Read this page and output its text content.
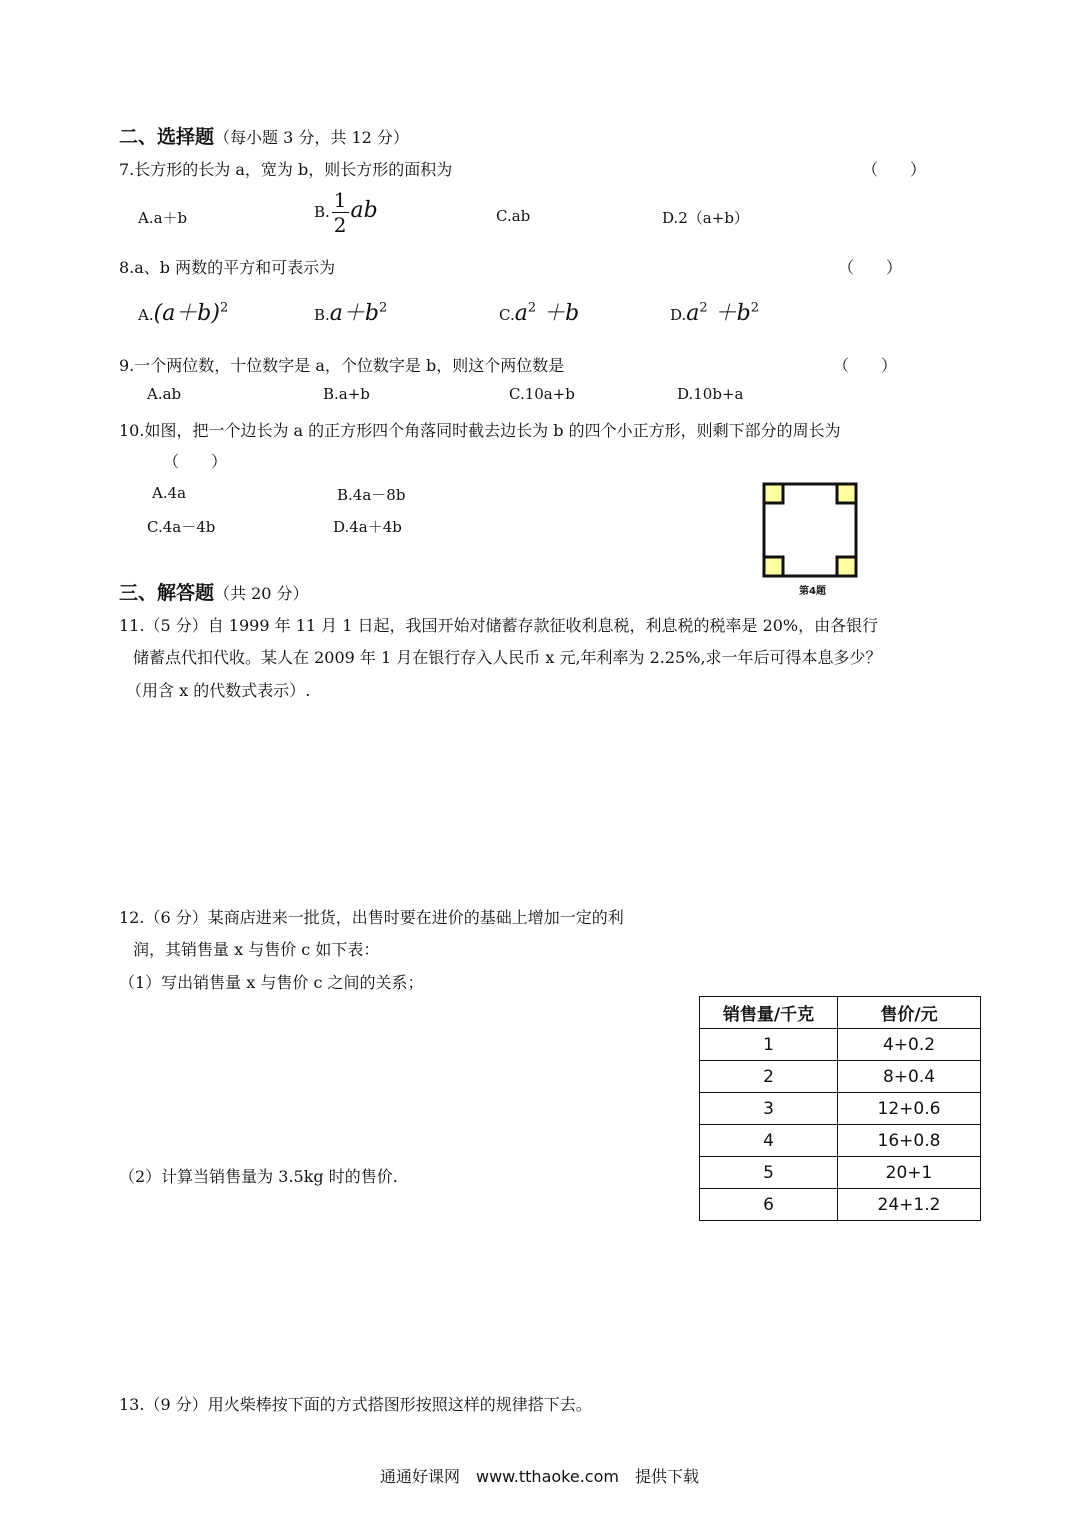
二、选择题（每小题 3 分，共 12 分）
7.长方形的长为 a，宽为 b，则长方形的面积为	（　　）
A.a＋b	B. $\frac{1}{2}$ ab	C.ab	D.2（a+b）
8.a、b 两数的平方和可表示为	（　　）
$A.(a+b)^2$	$B.a+b^2$	$C.a^2 +b$	$D.a^2 +b^2$
9.一个两位数，十位数字是 a，个位数字是 b，则这个两位数是	（　　）
A.ab	B.a+b	C.10a+b	D.10b+a
10.如图，把一个边长为 a 的正方形四个角落同时截去边长为 b 的四个小正方形，则剩下部分的周长为
（　　）
A.4a	B.4a－8b
C.4a－4b	D.4a＋4b
第4题
三、解答题（共 20 分）
11.（5 分）自 1999 年 11 月 1 日起，我国开始对储蓄存款征收利息税，利息税的税率是 20%，由各银行
储蓄点代扣代收。某人在 2009 年 1 月在银行存入人民币 x 元,年利率为 2.25%,求一年后可得本息多少？
（用含 x 的代数式表示）.
12.（6 分）某商店进来一批货，出售时要在进价的基础上增加一定的利
润，其销售量 x 与售价 c 如下表：
（1）写出销售量 x 与售价 c 之间的关系；
（2）计算当销售量为 3.5kg 时的售价.
销售量/千克	售价/元
1	4+0.2
2	8+0.4
3	12+0.6
4	16+0.8
5	20+1
6	24+1.2
13.（9 分）用火柴棒按下面的方式搭图形按照这样的规律搭下去。
通通好课网　www.tthaoke.com　提供下载
